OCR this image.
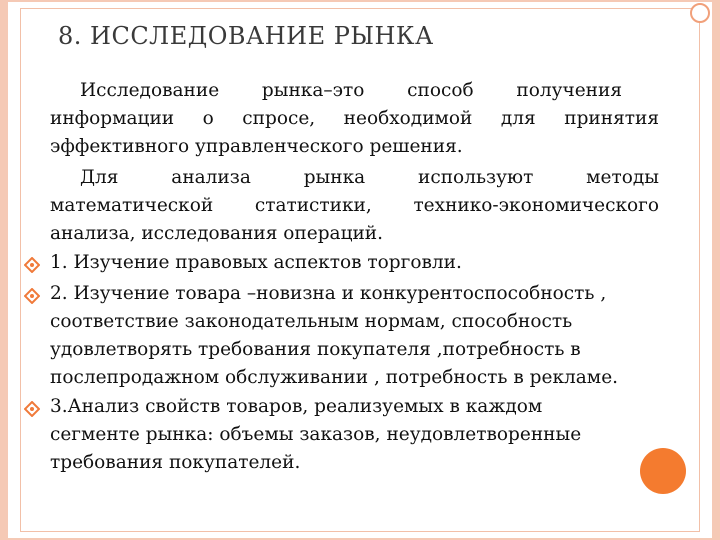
8. ИССЛЕДОВАНИЕ РЫНКА
Исследование рынка–это способ получения
информации о спросе, необходимой для принятия
эффективного управленческого решения.
Для анализа рынка используют методы
математической статистики, технико-экономического
анализа, исследования операций.
1. Изучение правовых аспектов торговли.
2. Изучение товара –новизна и конкурентоспособность ,
соответствие законодательным нормам, способность
удовлетворять требования покупателя ,потребность в
послепродажном обслуживании , потребность в рекламе.
3.Анализ свойств товаров, реализуемых в каждом
сегменте рынка: объемы заказов, неудовлетворенные
требования покупателей.
